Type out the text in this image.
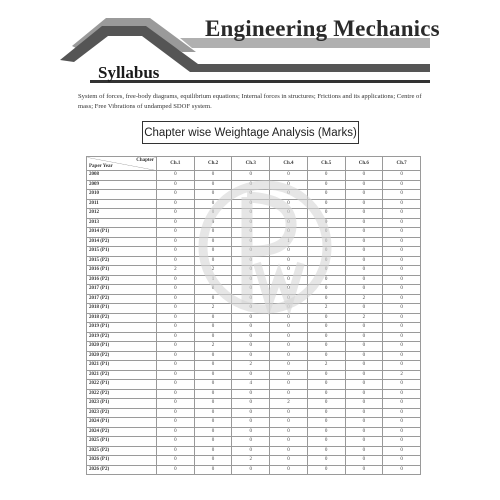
Engineering Mechanics
Syllabus
System of forces, free-body diagrams, equilibrium equations; Internal forces in structures; Frictions and its applications; Centre of mass; Free Vibrations of undamped SDOF system.
Chapter wise Weightage Analysis (Marks)
Chapter
Paper Year	Ch.1	Ch.2	Ch.3	Ch.4	Ch.5	Ch.6	Ch.7
2008	0	0	0	0	0	0	0
2009	0	0	0	0	0	0	0
2010	0	0	0	0	0	0	0
2011	0	0	0	0	0	0	0
2012	0	0	0	0	0	0	0
2013	0	0	0	0	0	0	0
2014 (P1)	0	0	0	0	0	0	0
2014 (P2)	0	0	0	1	0	0	0
2015 (P1)	0	0	0	0	0	0	0
2015 (P2)	0	0	0	0	0	0	0
2016 (P1)	2	2	0	0	0	0	0
2016 (P2)	0	1	0	0	0	0	0
2017 (P1)	0	0	0	0	0	0	0
2017 (P2)	0	0	0	0	0	2	0
2018 (P1)	0	2	0	0	2	0	0
2018 (P2)	0	0	0	0	0	2	0
2019 (P1)	0	0	0	0	0	0	0
2019 (P2)	0	0	0	0	0	0	0
2020 (P1)	0	2	0	0	0	0	0
2020 (P2)	0	0	0	0	0	0	0
2021 (P1)	0	0	2	0	2	0	0
2021 (P2)	0	0	0	0	0	0	2
2022 (P1)	0	0	4	0	0	0	0
2022 (P2)	0	0	0	0	0	0	0
2023 (P1)	0	0	0	2	0	0	0
2023 (P2)	0	0	0	0	0	0	0
2024 (P1)	0	0	0	0	0	0	0
2024 (P2)	0	0	0	0	0	0	0
2025 (P1)	0	0	0	0	0	0	0
2025 (P2)	0	0	0	0	0	0	0
2026 (P1)	0	0	2	0	0	0	0
2026 (P2)	0	0	0	0	0	0	0
